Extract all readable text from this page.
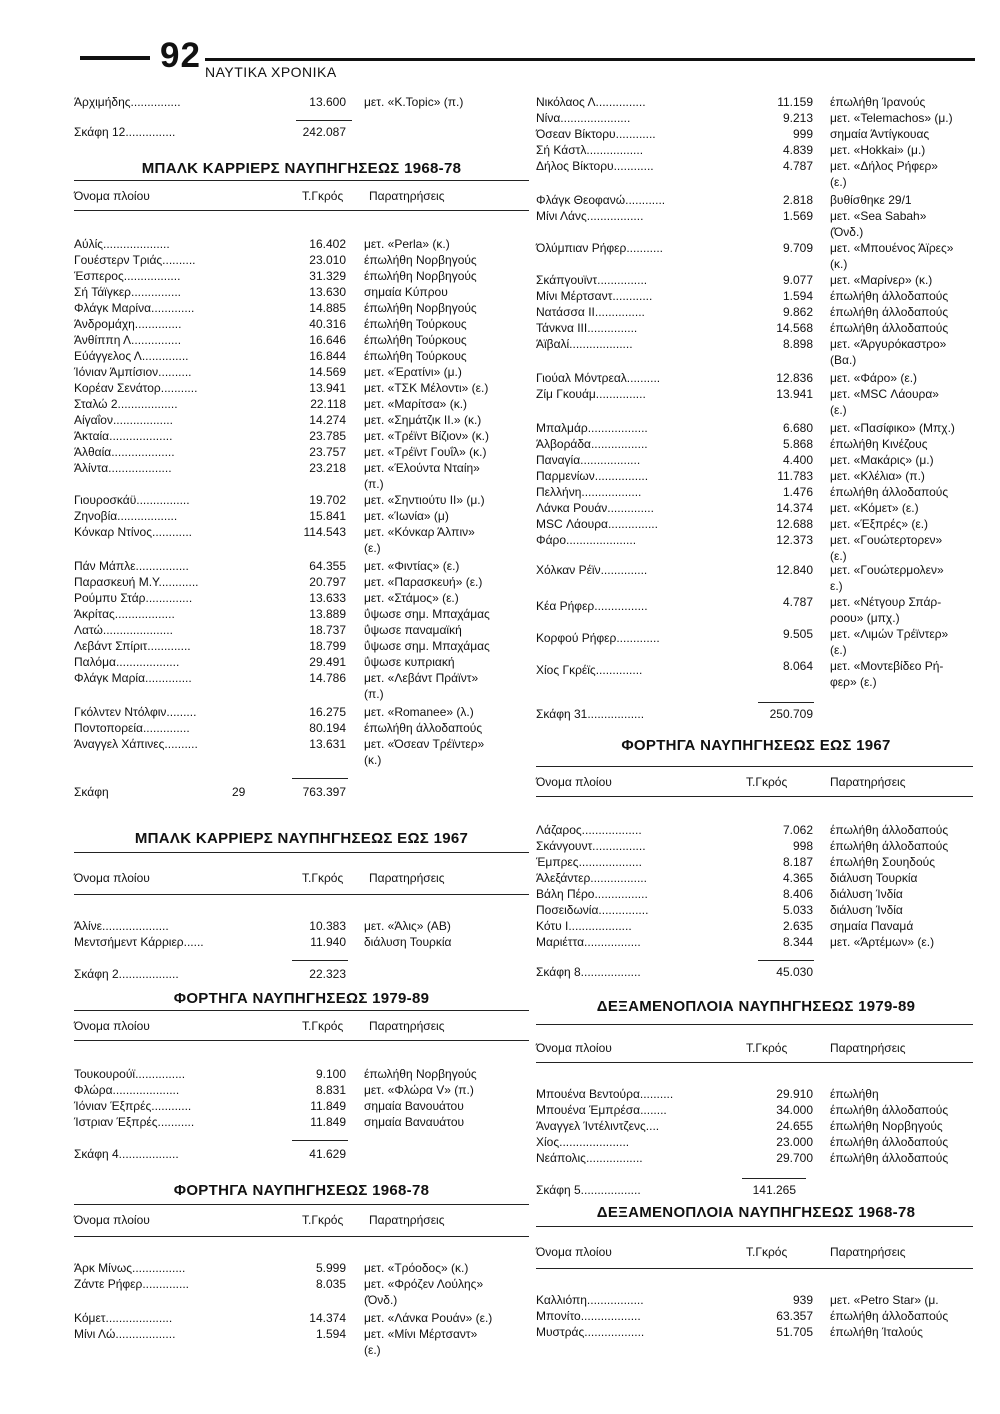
92 ΝΑΥΤΙΚΑ ΧΡΟΝΙΚΑ
Άρχιμήδης...............	13.600 μετ. «K.Topic» (π.)
Σκάφη 12...............	242.087
ΜΠΑΛΚ ΚΑΡΡΙΕΡΣ ΝΑΥΠΗΓΗΣΕΩΣ 1968-78
Όνομα πλοίου	Τ.Γκρός Παρατηρήσεις
Αύλίς....................	16.402 μετ. «Perla» (κ.)
Γουέστερν Τριάς..........	23.010 έπωλήθη Νορβηγούς
Έσπερος.................	31.329 έπωλήθη Νορβηγούς
Σή Τάϊγκερ...............	13.630 σημαία Κύπρου
Φλάγκ Μαρίνα.............	14.885 έπωλήθη Νορβηγούς
Άνδρομάχη..............	40.316 έπωλήθη Τούρκους
Άνθίππη Λ...............	16.646 έπωλήθη Τούρκους
Εύάγγελος Λ..............	16.844 έπωλήθη Τούρκους
Ίόνιαν Άμπίσιον..........	14.569 μετ. «Έρατίνι» (μ.)
Κορέαν Σενάτορ...........	13.941 μετ. «ΤΣΚ Μέλοντι» (ε.)
Σταλώ 2..................	22.118 μετ. «Μαρίτσα» (κ.)
Αίγαΐον..................	14.274 μετ. «Σημάτζικ II.» (κ.)
Άκταία...................	23.785 μετ. «Τρέϊντ Βίζιον» (κ.)
Άλθαία...................	23.757 μετ. «Τρέϊντ Γουΐλ» (κ.)
Άλίντα...................	23.218 μετ. «Έλούντα Νταίη»
(π.)
Γιουροσκάϋ................	19.702 μετ. «Σηντιούτυ II» (μ.)
Ζηνοβία..................	15.841 μετ. «Ίωνία» (μ)
Κόνκαρ Ντίνος............	114.543 μετ. «Κόνκαρ Άλπιν»
(ε.)
Πάν Μάπλε................	64.355 μετ. «Φιντίας» (ε.)
Παρασκευή Μ.Υ............	20.797 μετ. «Παρασκευή» (ε.)
Ρούμπυ Στάρ..............	13.633 μετ. «Στάμος» (ε.)
Άκρίτας..................	13.889 ΰψωσε σημ. Μπαχάμας
Λατώ.....................	18.737 ΰψωσε παναμαϊκή
Λεβάντ Σπίριτ.............	18.799 ΰψωσε σημ. Μπαχάμας
Παλόμα...................	29.491 ΰψωσε κυπριακή
Φλάγκ Μαρία..............	14.786 μετ. «Λεβάντ Πράϊντ»
(π.)
Γκόλντεν Ντόλφιν.........	16.275 μετ. «Romanee» (λ.)
Ποντοπορεία..............	80.194 έπωλήθη άλλοδαπούς
Άναγγελ Χάπινες..........	13.631 μετ. «Όσεαν Τρέϊντερ»
(κ.)
Σκάφη	29	763.397
ΜΠΑΛΚ ΚΑΡΡΙΕΡΣ ΝΑΥΠΗΓΗΣΕΩΣ ΕΩΣ 1967
Όνομα πλοίου	Τ.Γκρός Παρατηρήσεις
Άλίνε....................	10.383 μετ. «Άλις» (ΑΒ)
Μεντσήμεντ Κάρριερ......	11.940 διάλυση Τουρκία
Σκάφη 2..................	22.323
ΦΟΡΤΗΓΑ ΝΑΥΠΗΓΗΣΕΩΣ 1979-89
Όνομα πλοίου	Τ.Γκρός Παρατηρήσεις
Τουκουρούϊ...............	9.100 έπωλήθη Νορβηγούς
Φλώρα....................	8.831 μετ. «Φλώρα V» (π.)
Ίόνιαν Έξπρές............	11.849 σημαία Βανουάτου
Ίστριαν Έξπρές...........	11.849 σημαία Βαναυάτου
Σκάφη 4..................	41.629
ΦΟΡΤΗΓΑ ΝΑΥΠΗΓΗΣΕΩΣ 1968-78
Όνομα πλοίου	Τ.Γκρός Παρατηρήσεις
Άρκ Μίνως................	5.999 μετ. «Τρόοδος» (κ.)
Ζάντε Ρήφερ..............	8.035 μετ. «Φρόζεν Λούλης»
(Όνδ.)
Κόμετ....................	14.374 μετ. «Λάνκα Ρουάν» (ε.)
Μίνι Λώ..................	1.594 μετ. «Μίνι Μέρτσαντ»
(ε.)
Νικόλαος Λ...............	11.159 έπωλήθη Ίρανούς
Νίνα.....................	9.213 μετ. «Telemachos» (μ.)
Όσεαν Βίκτορυ............	999 σημαία Άντίγκουας
Σή Κάστλ.................	4.839 μετ. «Hokkai» (μ.)
Δήλος Βίκτορυ............	4.787 μετ. «Δήλος Ρήφερ»
(ε.)
Φλάγκ Θεοφανώ............	2.818 βυθίσθηκε 29/1
Μίνι Λάνς.................	1.569 μετ. «Sea Sabah»
(Όνδ.)
Όλύμπιαν Ρήφερ...........	9.709 μετ. «Μπουένος Άϊρες»
(κ.)
Σκάπγουϊντ...............	9.077 μετ. «Μαρίνερ» (κ.)
Μίνι Μέρτσαντ............	1.594 έπωλήθη άλλοδαπούς
Νατάσσα II...............	9.862 έπωλήθη άλλοδαπούς
Τάνκνα III...............	14.568 έπωλήθη άλλοδαπούς
Άϊβαλί...................	8.898 μετ. «Άργυρόκαστρο»
(Βα.)
Γιούαλ Μόντρεαλ..........	12.836 μετ. «Φάρο» (ε.)
Ζίμ Γκουάμ...............	13.941 μετ. «MSC Λάουρα»
(ε.)
Μπαλμάρ..................	6.680 μετ. «Πασίφικο» (Μπχ.)
Άλβοράδα.................	5.868 έπωλήθη Κινέζους
Παναγία..................	4.400 μετ. «Μακάρις» (μ.)
Παρμενίων................	11.783 μετ. «Κλέλια» (π.)
Πελλήνη..................	1.476 έπωλήθη άλλοδαπούς
Λάνκα Ρουάν..............	14.374 μετ. «Κόμετ» (ε.)
MSC Λάουρα...............	12.688 μετ. «Έξπρές» (ε.)
Φάρο.....................	12.373 μετ. «Γουώτερτορεν»
(ε.)
Χόλκαν Ρέϊν..............	12.840 μετ. «Γουώτερμολεν»
ε.)
Κέα Ρήφερ................	4.787 μετ. «Νέτγουρ Σπάρ-
ροου» (μπχ.)
Κορφού Ρήφερ.............	9.505 μετ. «Λιμών Τρέϊντερ»
(ε.)
Χίος Γκρέϊς..............	8.064 μετ. «Μοντεβίδεο Ρή-
φερ» (ε.)
Σκάφη 31.................	250.709
ΦΟΡΤΗΓΑ ΝΑΥΠΗΓΗΣΕΩΣ ΕΩΣ 1967
Όνομα πλοίου	Τ.Γκρός	Παρατηρήσεις
Λάζαρος..................	7.062 έπωλήθη άλλοδαπούς
Σκάνγουντ................	998 έπωλήθη άλλοδαπούς
Έμπρες...................	8.187 έπωλήθη Σουηδούς
Άλεξάντερ.................	4.365 διάλυση Τουρκία
Βάλη Πέρο................	8.406 διάλυση Ίνδία
Ποσειδωνία...............	5.033 διάλυση Ίνδία
Κότυ I...................	2.635 σημαία Παναμά
Μαριέττα.................	8.344 μετ. «Άρτέμων» (ε.)
Σκάφη 8..................	45.030
ΔΕΞΑΜΕΝΟΠΛΟΙΑ ΝΑΥΠΗΓΗΣΕΩΣ 1979-89
Όνομα πλοίου	Τ.Γκρός	Παρατηρήσεις
Μπουένα Βεντούρα..........	29.910 έπωλήθη
Μπουένα Έμπρέσα........	34.000 έπωλήθη άλλοδαπούς
Άναγγελ Ίντέλιντζενς....	24.655 έπωλήθη Νορβηγούς
Χίος.....................	23.000 έπωλήθη άλλοδαπούς
Νεάπολις.................	29.700 έπωλήθη άλλοδαπούς
Σκάφη 5..................	141.265
ΔΕΞΑΜΕΝΟΠΛΟΙΑ ΝΑΥΠΗΓΗΣΕΩΣ 1968-78
Όνομα πλοίου	Τ.Γκρός	Παρατηρήσεις
Καλλιόπη.................	939 μετ. «Petro Star» (μ.
Μπονίτο..................	63.357 έπωλήθη άλλοδαπούς
Μυστράς..................	51.705 έπωλήθη Ίταλούς
